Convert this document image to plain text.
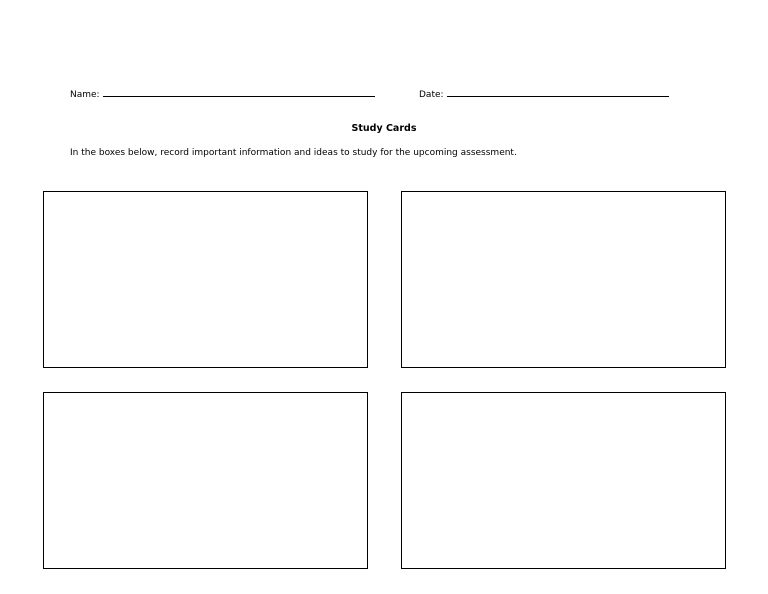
Name:	Date:
Study Cards
In the boxes below, record important information and ideas to study for the upcoming assessment.
